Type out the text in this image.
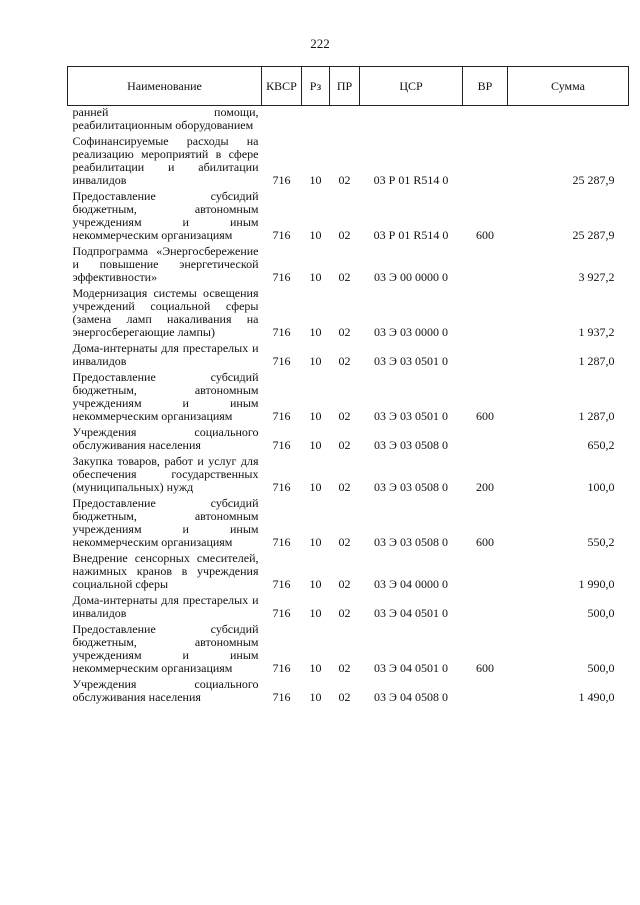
222
Наименование	КВСР	Рз	ПР	ЦСР	ВР	Сумма
ранней помощи, реабилитационным оборудованием						
Софинансируемые расходы на реализацию мероприятий в сфере реабилитации и абилитации инвалидов	716	10	02	03 Р 01 R514 0		25 287,9
Предоставление субсидий бюджетным, автономным учреждениям и иным некоммерческим организациям	716	10	02	03 Р 01 R514 0	600	25 287,9
Подпрограмма «Энергосбережение и повышение энергетической эффективности»	716	10	02	03 Э 00 0000 0		3 927,2
Модернизация системы освещения учреждений социальной сферы (замена ламп накаливания на энергосберегающие лампы)	716	10	02	03 Э 03 0000 0		1 937,2
Дома-интернаты для престарелых и инвалидов	716	10	02	03 Э 03 0501 0		1 287,0
Предоставление субсидий бюджетным, автономным учреждениям и иным некоммерческим организациям	716	10	02	03 Э 03 0501 0	600	1 287,0
Учреждения социального обслуживания населения	716	10	02	03 Э 03 0508 0		650,2
Закупка товаров, работ и услуг для обеспечения государственных (муниципальных) нужд	716	10	02	03 Э 03 0508 0	200	100,0
Предоставление субсидий бюджетным, автономным учреждениям и иным некоммерческим организациям	716	10	02	03 Э 03 0508 0	600	550,2
Внедрение сенсорных смесителей, нажимных кранов в учреждения социальной сферы	716	10	02	03 Э 04 0000 0		1 990,0
Дома-интернаты для престарелых и инвалидов	716	10	02	03 Э 04 0501 0		500,0
Предоставление субсидий бюджетным, автономным учреждениям и иным некоммерческим организациям	716	10	02	03 Э 04 0501 0	600	500,0
Учреждения социального обслуживания населения	716	10	02	03 Э 04 0508 0		1 490,0
